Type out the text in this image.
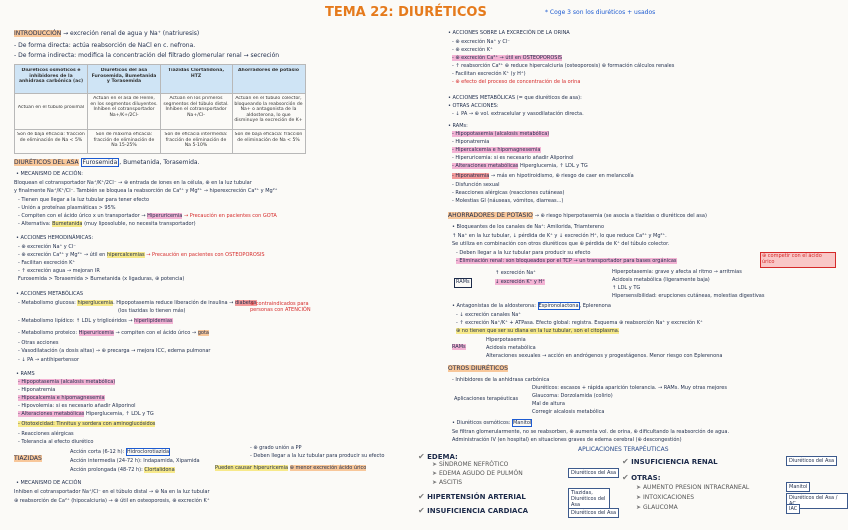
TEMA 22: DIURÉTICOS	* Coge 3 son los diuréticos + usados
INTRODUCCIÓN → excreción renal de agua y Na⁺ (natriuresis)
- De forma directa: actúa reabsorción de NaCl en c. nefrona.
- De forma indirecta: modifica la concentración del filtrado glomerular renal → secreción
Diuréticos osmóticos e inhibidores de la anhidrasa carbónica (ac)
Diuréticos del asa Furosemida, Bumetanida y Torasemida
Tiazidas Clortalidona, HTZ
Ahorradores de potasio
Actúan en el túbulo proximal
Actúan en el asa de Henle, en los segmentos diluyentes. Inhiben el cotransportador Na+/K+/2Cl-
Actúan en los primeros segmentos del túbulo distal. Inhiben el cotransportador Na+/Cl-
Actúan en el túbulo colector, bloqueando la reabsorción de Na+ o antagonista de la aldosterona, lo que disminuye la excreción de K+
Son de baja eficacia: fracción de eliminación de Na < 5%
Son de máxima eficacia: fracción de eliminación de Na 15-25%
Son de eficacia intermedia: fracción de eliminación de Na 5-10%
Son de baja eficacia: fracción de eliminación de Na < 5%
DIURÉTICOS DEL ASA Furosemida , Bumetanida, Torasemida.
• MECANISMO DE ACCIÓN:
Bloquean el cotransportador Na⁺/K⁺/2Cl⁻ → ⊕ entrada de iones en la célula, ⊕ en la luz tubular
y finalmente Na⁺/K⁺/Cl⁻. También se bloquea la reabsorción de Ca²⁺ y Mg²⁺ → hiperexcreción Ca²⁺ y Mg²⁺
- Tienen que llegar a la luz tubular para tener efecto
- Unión a proteínas plasmáticas > 95%
- Compiten con el ácido úrico x un transportador → Hiperuricemia → Precaución en pacientes con GOTA
- Alternativa: Bumetanida (muy liposoluble, no necesita transportador)
• ACCIONES HEMODINÁMICAS:
- ⊕ excreción Na⁺ y Cl⁻
- ⊕ excreción Ca²⁺ y Mg²⁺ → útil en hipercalcemias → Precaución en pacientes con OSTEOPOROSIS
- Facilitan excreción K⁺
- ↑ excreción agua → mejoran IR
Furosemida > Torasemida > Bumetanida (x ligaduras, ⊕ potencia)
• ACCIONES METABÓLICAS
- Metabolismo glucosa: hiperglucemia. Hipopotasemia reduce liberación de insulina → diabetes
(los tiazidas lo tienen más)
- Metabolismo lipídico: ↑ LDL y triglicéridos → hiperlipidemias
- Metabolismo proteico: Hiperuricemia → compiten con el ácido úrico → gota
⊕ contraindicados para personas con ATENCIÓN
- Otras acciones
- Vasodilatación (a dosis altas) → ⊕ precarga → mejora ICC, edema pulmonar
- ↓ PA → antihipertensor
• RAMS
- Hipopotasemia (alcalosis metabólica)
- Hiponatremia
- Hipocalcemia e hipomagnesemia
- Hipovolemia: si es necesario añadir Aliporinol
- Alteraciones metabólicas Hiperglucemia, ↑ LDL y TG
- Ototoxicidad: Tinnitus y sordera con aminoglucósidos
- Reacciones alérgicas
- Tolerancia al efecto diurético
TIAZIDAS
Acción corta (6-12 h): Hidroclorotiazida
Acción intermedia (24-72 h): Indapamida, Xipamida
Acción prolongada (48-72 h): Clortalidona
- ⊕ grado unión a PP
- Deben llegar a la luz tubular para producir su efecto
Pueden causar hiperuricemia ⊕ menor excreción ácido úrico
• MECANISMO DE ACCIÓN
Inhiben el cotransportador Na⁺/Cl⁻ en el túbulo distal → ⊕ Na en la luz tubular
⊕ reabsorción de Ca²⁺ (hipocalciuria) → ⊕ útil en osteoporosis, ⊕ excreción K⁺
• ACCIONES SOBRE LA EXCRECIÓN DE LA ORINA
- ⊕ excreción Na⁺ y Cl⁻
- ⊕ excreción K⁺
- ⊕ excreción Ca²⁺ → útil en OSTEOPOROSIS
- ↑ reabsorción Ca²⁺ ⊕ reduce hipercalciuria (osteoporosis) ⊕ formación cálculos renales
- Facilitan excreción K⁺ (y H⁺)
- ⊕ efecto del proceso de concentración de la orina
• ACCIONES METABÓLICAS (= que diuréticos de asa):
• OTRAS ACCIONES:
- ↓ PA → ⊕ vol. extracelular y vasodilatación directa.
• RAMs:
- Hipopotasemia (alcalosis metabólica)
- Hiponatremia
- Hipercalcemia e hipomagnesemia
- Hiperuricemia: si es necesario añadir Aliporinol
- Alteraciones metabólicas Hiperglucemia, ↑ LDL y TG
- Hiponatremia → más en hipotiroidismo, ⊕ riesgo de caer en melancolía
- Disfunción sexual
- Reacciones alérgicas (reacciones cutáneas)
- Molestias GI (náuseas, vómitos, diarreas...)
AHORRADORES DE POTASIO → ⊕ riesgo hiperpotasemia (se asocia a tiazidas o diuréticos del asa)
• Bloqueantes de los canales de Na⁺: Amilorida, Triamtereno
↑ Na⁺ en la luz tubular, ↓ pérdida de K⁺ y ↓ excreción H⁺, lo que reduce Ca²⁺ y Mg²⁺.
Se utiliza en combinación con otros diuréticos que ⊕ pérdida de K⁺ del túbulo colector.
- Deben llegar a la luz tubular para producir su efecto
- Eliminación renal: son bloqueados por el TCP → un transportador para bases orgánicas
⊕ competir con el ácido úrico
RAMs
↑ excreción Na⁺
↓ excreción K⁺ y H⁺
Hiperpotasemia: grave y afecta al ritmo → arritmias
Acidosis metabólica (ligeramente baja)
↑ LDL y TG
Hipersensibilidad: erupciones cutáneas, molestias digestivas
• Antagonistas de la aldosterona: Espironolactona, Eplerenona
- ↓ excreción canales Na⁺
- ↑ excreción Na⁺/K⁺ + ATPasa. Efecto global: registra. Esquema ⊕ reabsorción Na⁺ y excreción K⁺
⊕ no tienen que ser su diana en la luz tubular, son el citoplasma.
RAMs
Hiperpotasemia
Acidosis metabólica
Alteraciones sexuales → acción en andrógenos y progestágenos. Menor riesgo con Eplerenona
OTROS DIURÉTICOS
- Inhibidores de la anhidrasa carbónica
Aplicaciones terapéuticas
Diuréticos: escasos + rápida aparición tolerancia. → RAMs. Muy otras mejores
Glaucoma: Dorzolamida (colirio)
Mal de altura
Corregir alcalosis metabólica
• Diuréticos osmóticos: Manitol
Se filtran glomerularmente, no se reabsorben, ⊕ aumenta vol. de orina, ⊕ dificultando la reabsorción de agua.
Administración IV (en hospital) en situaciones graves de edema cerebral (⊕ descongestión)
APLICACIONES TERAPÉUTICAS
✔ EDEMA:
➤ SÍNDROME NEFRÓTICO
➤ EDEMA AGUDO DE PULMÓN
➤ ASCITIS
✔ HIPERTENSIÓN ARTERIAL
✔ INSUFICIENCIA CARDIACA
Diuréticos del Asa
Tiazidas, Diuréticos del Asa
Diuréticos del Asa
✔ INSUFICIENCIA RENAL
✔ OTRAS:
➤ AUMENTO PRESION INTRACRANEAL
➤ INTOXICACIONES
➤ GLAUCOMA
Diuréticos del Asa
Manitol
Diuréticos del Asa /
IAC
